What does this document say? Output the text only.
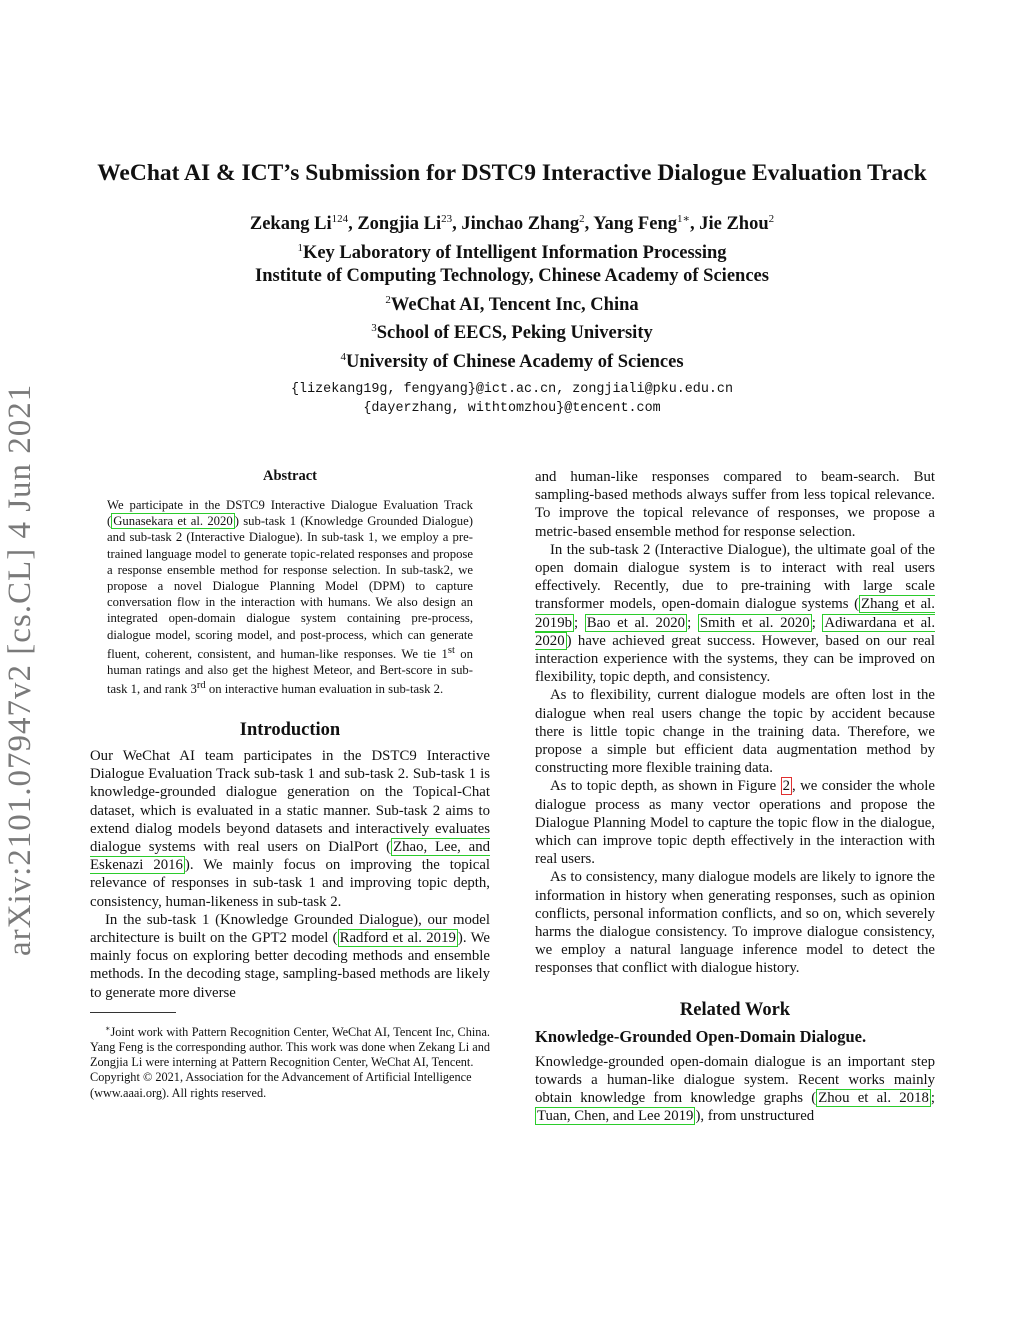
arXiv:2101.07947v2 [cs.CL] 4 Jun 2021
WeChat AI & ICT’s Submission for DSTC9 Interactive Dialogue Evaluation Track
Zekang Li$^{124}$, Zongjia Li$^{23}$, Jinchao Zhang$^2$, Yang Feng$^{1∗}$, Jie Zhou$^2$
$^1$Key Laboratory of Intelligent Information Processing
Institute of Computing Technology, Chinese Academy of Sciences
$^2$WeChat AI, Tencent Inc, China
$^3$School of EECS, Peking University
$^4$University of Chinese Academy of Sciences
{lizekang19g, fengyang}@ict.ac.cn, zongjiali@pku.edu.cn
{dayerzhang, withtomzhou}@tencent.com
Abstract

We participate in the DSTC9 Interactive Dialogue Evaluation Track ( Gunasekara et al. 2020 ) sub-task 1 (Knowledge Grounded Dialogue) and sub-task 2 (Interactive Dialogue). In sub-task 1, we employ a pre-trained language model to generate topic-related responses and propose a response ensemble method for response selection. In sub-task2, we propose a novel Dialogue Planning Model (DPM) to capture conversation flow in the interaction with humans. We also design an integrated open-domain dialogue system containing pre-process, dialogue model, scoring model, and post-process, which can generate fluent, coherent, consistent, and human-like responses. We tie 1st on human ratings and also get the highest Meteor, and Bert-score in sub-task 1, and rank 3rd on interactive human evaluation in sub-task 2.

Introduction

Our WeChat AI team participates in the DSTC9 Interactive Dialogue Evaluation Track sub-task 1 and sub-task 2. Sub-task 1 is knowledge-grounded dialogue generation on the Topical-Chat dataset, which is evaluated in a static manner. Sub-task 2 aims to extend dialog models beyond datasets and interactively evaluates dialogue systems with real users on DialPort ( Zhao, Lee, and Eskenazi 2016 ). We mainly focus on improving the topical relevance of responses in sub-task 1 and improving topic depth, consistency, human-likeness in sub-task 2.

In the sub-task 1 (Knowledge Grounded Dialogue), our model architecture is built on the GPT2 model ( Radford et al. 2019 ). We mainly focus on exploring better decoding methods and ensemble methods. In the decoding stage, sampling-based methods are likely to generate more diverse

∗Joint work with Pattern Recognition Center, WeChat AI, Tencent Inc, China. Yang Feng is the corresponding author. This work was done when Zekang Li and Zongjia Li were interning at Pattern Recognition Center, WeChat AI, Tencent.

Copyright © 2021, Association for the Advancement of Artificial Intelligence (www.aaai.org). All rights reserved.

and human-like responses compared to beam-search. But sampling-based methods always suffer from less topical relevance. To improve the topical relevance of responses, we propose a metric-based ensemble method for response selection.

In the sub-task 2 (Interactive Dialogue), the ultimate goal of the open domain dialogue system is to interact with real users effectively. Recently, due to pre-training with large scale transformer models, open-domain dialogue systems ( Zhang et al. 2019b ; Bao et al. 2020 ; Smith et al. 2020 ; Adiwardana et al. 2020 ) have achieved great success. However, based on our real interaction experience with the systems, they can be improved on flexibility, topic depth, and consistency.

As to flexibility, current dialogue models are often lost in the dialogue when real users change the topic by accident because there is little topic change in the training data. Therefore, we propose a simple but efficient data augmentation method by constructing more flexible training data.

As to topic depth, as shown in Figure 2 , we consider the whole dialogue process as many vector operations and propose the Dialogue Planning Model to capture the topic flow in the dialogue, which can improve topic depth effectively in the interaction with real users.

As to consistency, many dialogue models are likely to ignore the information in history when generating responses, such as opinion conflicts, personal information conflicts, and so on, which severely harms the dialogue consistency. To improve dialogue consistency, we employ a natural language inference model to detect the responses that conflict with dialogue history.

Related Work
Knowledge-Grounded Open-Domain Dialogue.

Knowledge-grounded open-domain dialogue is an important step towards a human-like dialogue system. Recent works mainly obtain knowledge from knowledge graphs ( Zhou et al. 2018 ; Tuan, Chen, and Lee 2019 ), from unstructured
